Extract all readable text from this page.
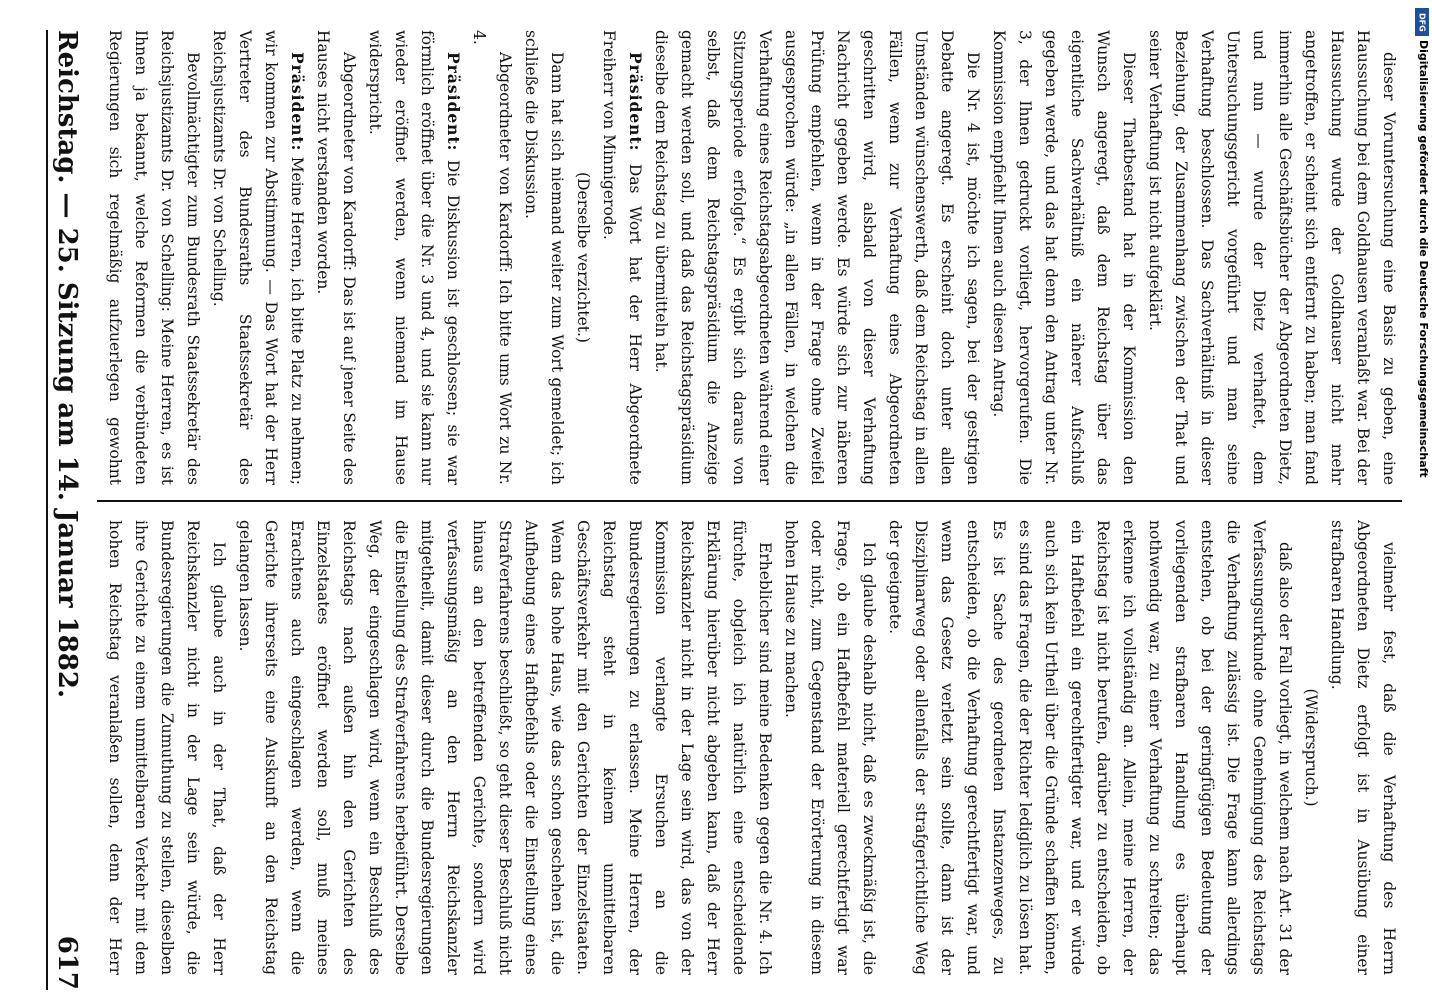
Reichstag. — 25. Sitzung am 14. Januar 1882.
617

dieser Voruntersuchung eine Basis zu geben, eine Haussuchung bei dem Goldhausen veranlaßt war. Bei der Haussuchung wurde der Goldhauser nicht mehr angetroffen, er scheint sich entfernt zu haben; man fand immerhin alle Geschäftsbücher der Abgeordneten Dietz, und nun — wurde der Dietz verhaftet, dem Untersuchungsgericht vorgeführt und man seine Verhaftung beschlossen. Das Sachverhältniß in dieser Beziehung, der Zusammenhang zwischen der That und seiner Verhaftung ist nicht aufgeklärt.

Dieser Thatbestand hat in der Kommission den Wunsch angeregt, daß dem Reichstag über das eigentliche Sachverhältniß ein näherer Aufschluß gegeben werde, und das hat denn den Antrag unter Nr. 3, der Ihnen gedruckt vorliegt, hervorgerufen. Die Kommission empfiehlt Ihnen auch diesen Antrag.

Die Nr. 4 ist, möchte ich sagen, bei der gestrigen Debatte angeregt. Es erscheint doch unter allen Umständen wünschenswerth, daß dem Reichstag in allen Fällen, wenn zur Verhaftung eines Abgeordneten geschritten wird, alsbald von dieser Verhaftung Nachricht gegeben werde. Es würde sich zur näheren Prüfung empfehlen, wenn in der Frage ohne Zweifel ausgesprochen würde: „in allen Fällen, in welchen die Verhaftung eines Reichstagsabgeordneten während einer Sitzungsperiode erfolgte.“ Es ergibt sich daraus von selbst, daß dem Reichstagspräsidium die Anzeige gemacht werden soll, und daß das Reichstagspräsidium dieselbe dem Reichstag zu übermitteln hat.

Präsident: Das Wort hat der Herr Abgeordnete Freiherr von Minnigerode.

(Derselbe verzichtet.)

Dann hat sich niemand weiter zum Wort gemeldet; ich schließe die Diskussion.

Abgeordneter von Kardorff: Ich bitte ums Wort zu Nr. 4.

Präsident: Die Diskussion ist geschlossen; sie war förmlich eröffnet über die Nr. 3 und 4, und sie kann nur wieder eröffnet werden, wenn niemand im Hause widerspricht.

Abgeordneter von Kardorff: Das ist auf jener Seite des Hauses nicht verstanden worden.

Präsident: Meine Herren, ich bitte Platz zu nehmen; wir kommen zur Abstimmung. — Das Wort hat der Herr Vertreter des Bundesraths Staatssekretär des Reichsjustizamts Dr. von Schelling.

Bevollmächtigter zum Bundesrath Staatssekretär des Reichsjustizamts Dr. von Schelling: Meine Herren, es ist Ihnen ja bekannt, welche Reformen die verbündeten Regierungen sich regelmäßig aufzuerlegen gewohnt

vielmehr fest, daß die Verhaftung des Herrn Abgeordneten Dietz erfolgt ist in Ausübung einer strafbaren Handlung.

(Widerspruch.)

daß also der Fall vorliegt, in welchem nach Art. 31 der Verfassungsurkunde ohne Genehmigung des Reichstags die Verhaftung zulässig ist. Die Frage kann allerdings entstehen, ob bei der geringfügigen Bedeutung der vorliegenden strafbaren Handlung es überhaupt nothwendig war, zu einer Verhaftung zu schreiten; das erkenne ich vollständig an. Allein, meine Herren, der Reichstag ist nicht berufen, darüber zu entscheiden, ob ein Haftbefehl ein gerechtfertigter war, und er würde auch sich kein Urtheil über die Gründe schaffen können, es sind das Fragen, die der Richter lediglich zu lösen hat. Es ist Sache des geordneten Instanzenweges, zu entscheiden, ob die Verhaftung gerechtfertigt war, und wenn das Gesetz verletzt sein sollte, dann ist der Disziplinarweg oder allenfalls der strafgerichtliche Weg der geeignete.

Ich glaube deshalb nicht, daß es zweckmäßig ist, die Frage, ob ein Haftbefehl materiell gerechtfertigt war oder nicht, zum Gegenstand der Erörterung in diesem hohen Hause zu machen.

Erheblicher sind meine Bedenken gegen die Nr. 4. Ich fürchte, obgleich ich natürlich eine entscheidende Erklärung hierüber nicht abgeben kann, daß der Herr Reichskanzler nicht in der Lage sein wird, das von der Kommission verlangte Ersuchen an die Bundesregierungen zu erlassen. Meine Herren, der Reichstag steht in keinem unmittelbaren Geschäftsverkehr mit den Gerichten der Einzelstaaten. Wenn das hohe Haus, wie das schon geschehen ist, die Aufhebung eines Haftbefehls oder die Einstellung eines Strafverfahrens beschließt, so geht dieser Beschluß nicht hinaus an den betreffenden Gerichte, sondern wird verfassungsmäßig an den Herrn Reichskanzler mitgetheilt, damit dieser durch die Bundesregierungen die Einstellung des Strafverfahrens herbeiführt. Derselbe Weg, der eingeschlagen wird, wenn ein Beschluß des Reichstags nach außen hin den Gerichten des Einzelstaates eröffnet werden soll, muß meines Erachtens auch eingeschlagen werden, wenn die Gerichte ihrerseits eine Auskunft an den Reichstag gelangen lassen.

Ich glaube auch in der That, daß der Herr Reichskanzler nicht in der Lage sein würde, die Bundesregierungen die Zumuthung zu stellen, dieselben ihre Gerichte zu einem unmittelbaren Verkehr mit dem hohen Reichstag veranlaßen sollen, denn der Herr

DFG
Digitalisierung gefördert durch die Deutsche Forschungsgemeinschaft
